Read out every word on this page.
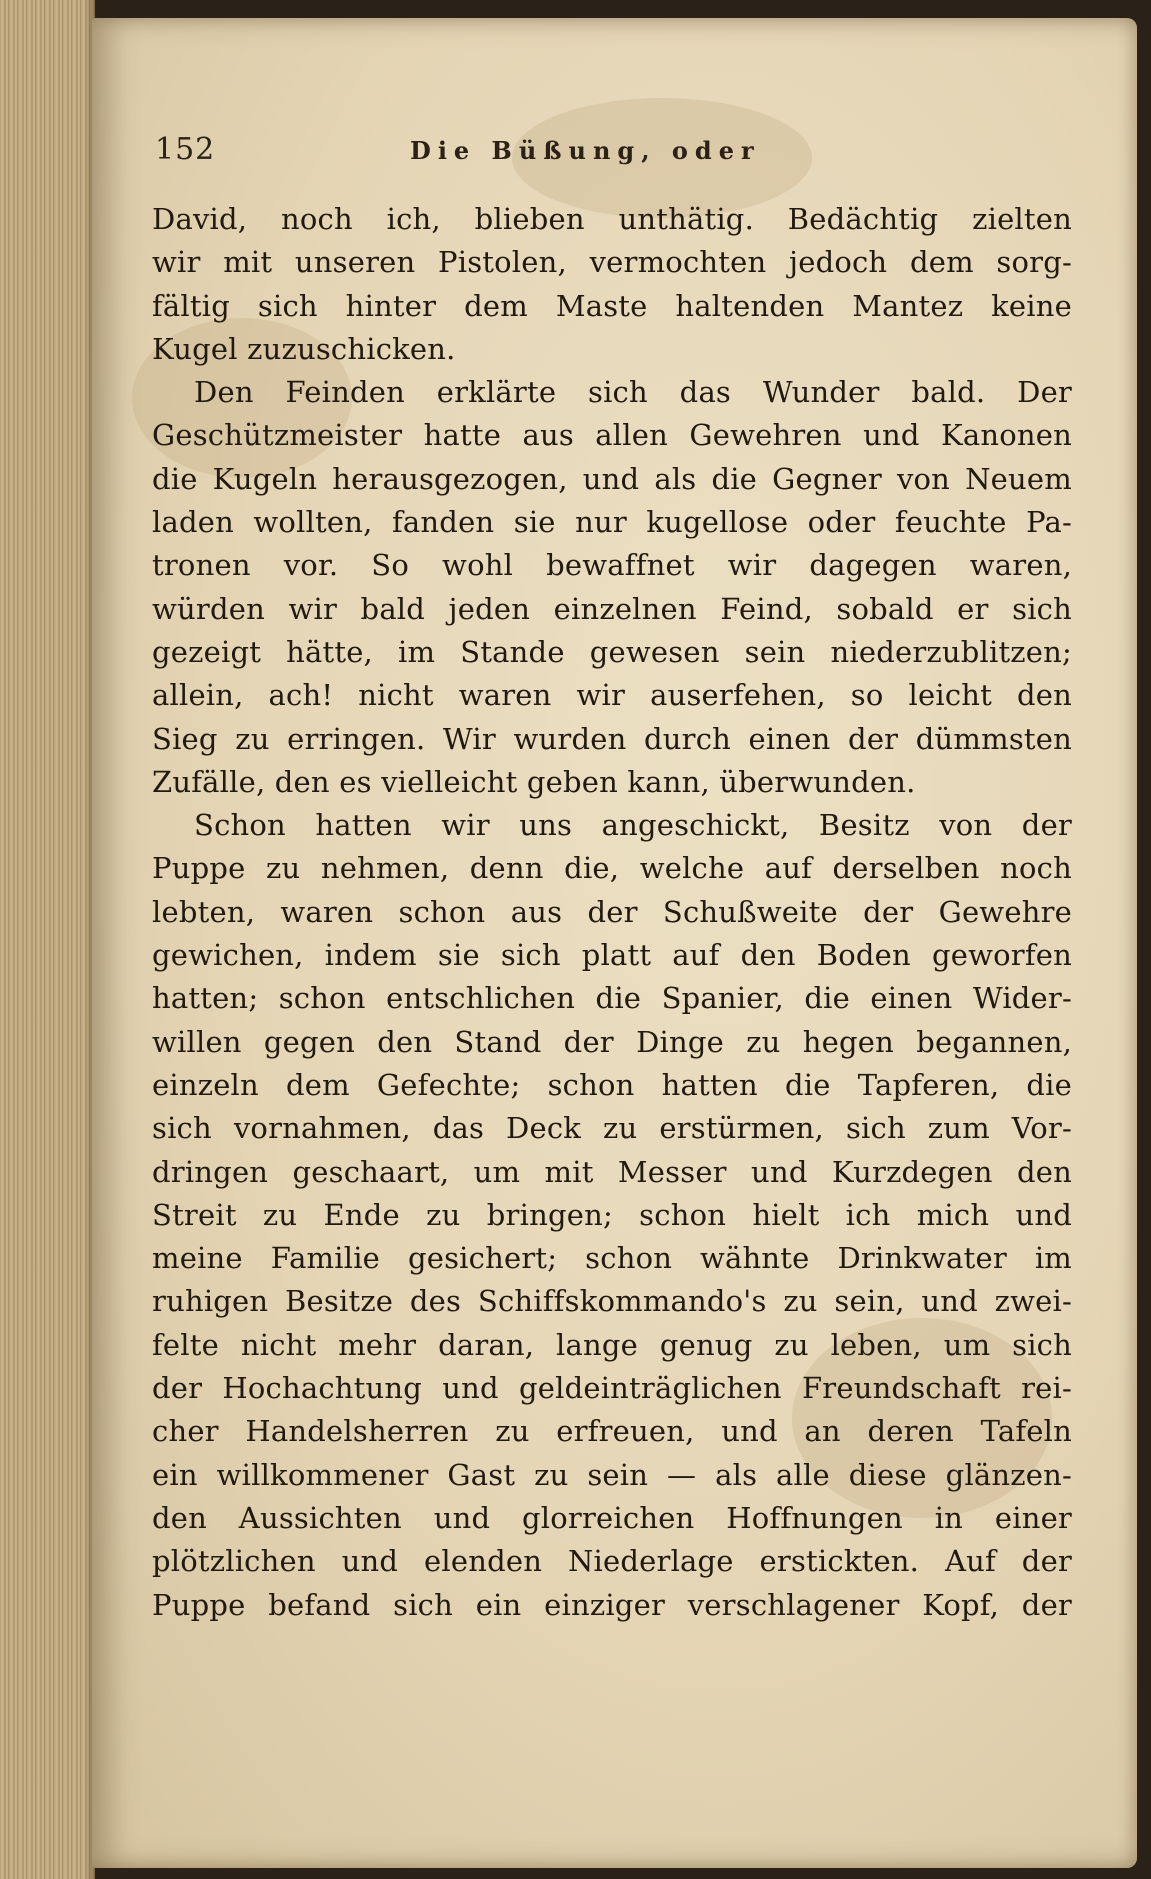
152	Die Büßung, oder
David, noch ich, blieben unthätig. Bedächtig zielten
wir mit unseren Pistolen, vermochten jedoch dem sorg-
fältig sich hinter dem Maste haltenden Mantez keine
Kugel zuzuschicken.
Den Feinden erklärte sich das Wunder bald. Der
Geschützmeister hatte aus allen Gewehren und Kanonen
die Kugeln herausgezogen, und als die Gegner von Neuem
laden wollten, fanden sie nur kugellose oder feuchte Pa-
tronen vor. So wohl bewaffnet wir dagegen waren,
würden wir bald jeden einzelnen Feind, sobald er sich
gezeigt hätte, im Stande gewesen sein niederzublitzen;
allein, ach! nicht waren wir auserfehen, so leicht den
Sieg zu erringen. Wir wurden durch einen der dümmsten
Zufälle, den es vielleicht geben kann, überwunden.
Schon hatten wir uns angeschickt, Besitz von der
Puppe zu nehmen, denn die, welche auf derselben noch
lebten, waren schon aus der Schußweite der Gewehre
gewichen, indem sie sich platt auf den Boden geworfen
hatten; schon entschlichen die Spanier, die einen Wider-
willen gegen den Stand der Dinge zu hegen begannen,
einzeln dem Gefechte; schon hatten die Tapferen, die
sich vornahmen, das Deck zu erstürmen, sich zum Vor-
dringen geschaart, um mit Messer und Kurzdegen den
Streit zu Ende zu bringen; schon hielt ich mich und
meine Familie gesichert; schon wähnte Drinkwater im
ruhigen Besitze des Schiffskommando's zu sein, und zwei-
felte nicht mehr daran, lange genug zu leben, um sich
der Hochachtung und geldeinträglichen Freundschaft rei-
cher Handelsherren zu erfreuen, und an deren Tafeln
ein willkommener Gast zu sein — als alle diese glänzen-
den Aussichten und glorreichen Hoffnungen in einer
plötzlichen und elenden Niederlage erstickten. Auf der
Puppe befand sich ein einziger verschlagener Kopf, der
